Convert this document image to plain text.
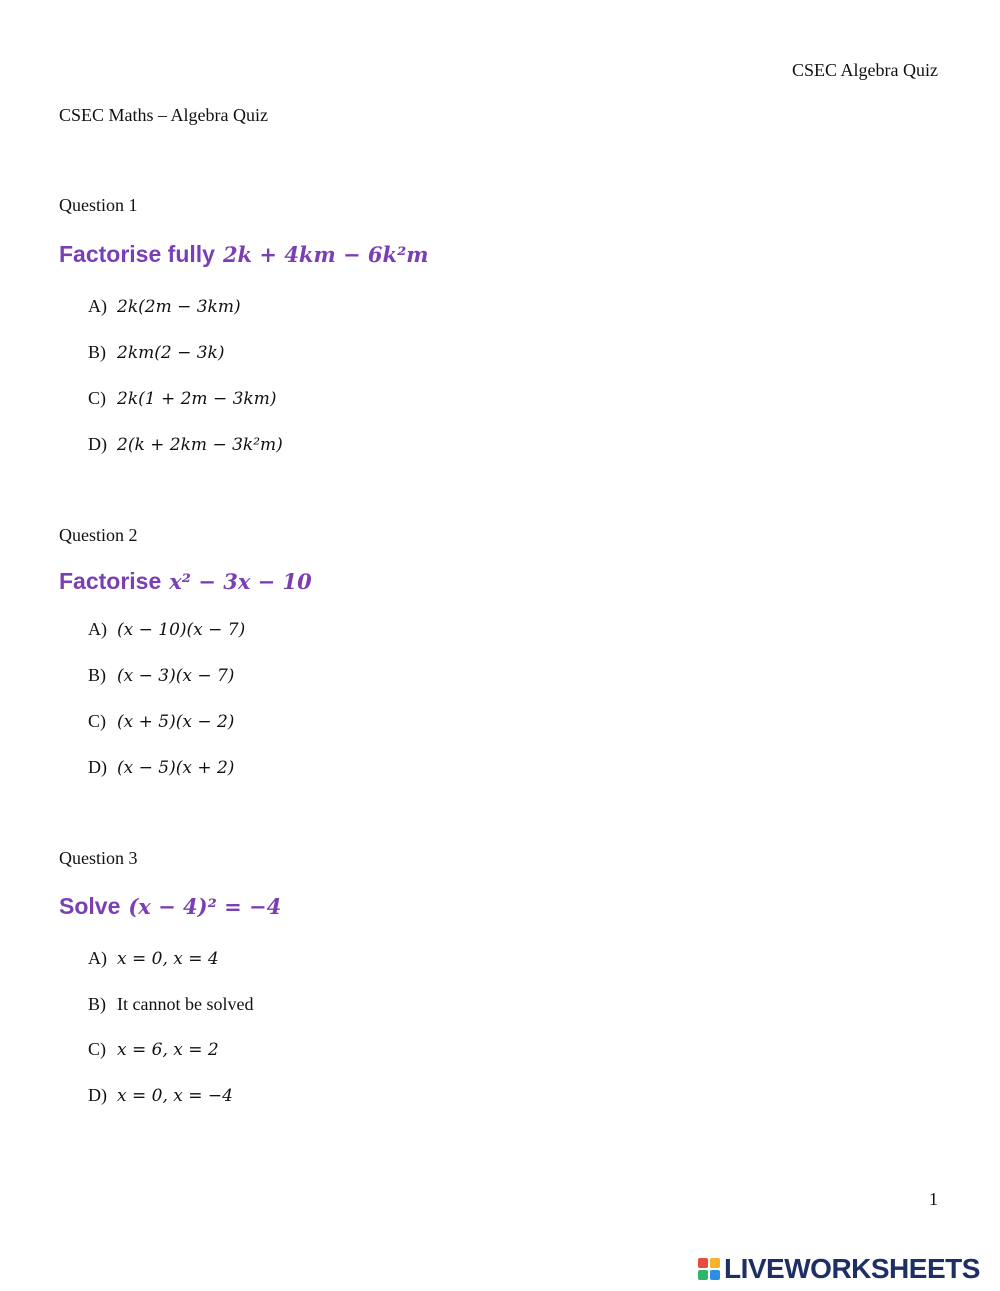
CSEC Algebra Quiz
CSEC Maths – Algebra Quiz
Question 1
Factorise fully 2k + 4km − 6k²m
A) 2k(2m − 3km)
B) 2km(2 − 3k)
C) 2k(1 + 2m − 3km)
D) 2(k + 2km − 3k²m)
Question 2
Factorise x² − 3x − 10
A) (x − 10)(x − 7)
B) (x − 3)(x − 7)
C) (x + 5)(x − 2)
D) (x − 5)(x + 2)
Question 3
Solve (x − 4)² = −4
A) x = 0, x = 4
B) It cannot be solved
C) x = 6, x = 2
D) x = 0, x = −4
1
LIVEWORKSHEETS
